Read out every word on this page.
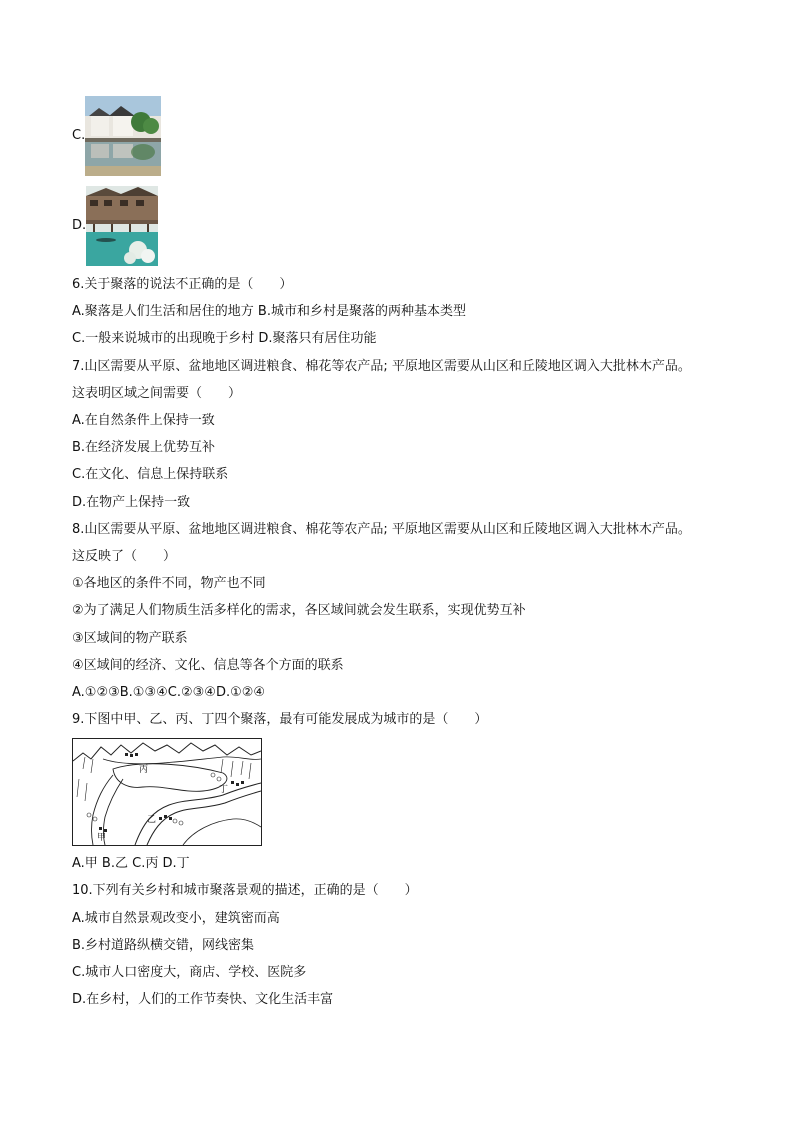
C.
D.
6.关于聚落的说法不正确的是（　　）
A.聚落是人们生活和居住的地方 B.城市和乡村是聚落的两种基本类型
C.一般来说城市的出现晚于乡村 D.聚落只有居住功能
7.山区需要从平原、盆地地区调进粮食、棉花等农产品; 平原地区需要从山区和丘陵地区调入大批林木产品。
这表明区域之间需要（　　）
A.在自然条件上保持一致
B.在经济发展上优势互补
C.在文化、信息上保持联系
D.在物产上保持一致
8.山区需要从平原、盆地地区调进粮食、棉花等农产品; 平原地区需要从山区和丘陵地区调入大批林木产品。
这反映了（　　）
①各地区的条件不同，物产也不同
②为了满足人们物质生活多样化的需求，各区域间就会发生联系，实现优势互补
③区域间的物产联系
④区域间的经济、文化、信息等各个方面的联系
A.①②③B.①③④C.②③④D.①②④
9.下图中甲、乙、丙、丁四个聚落，最有可能发展成为城市的是（　　）
丙
丁
乙
甲
A.甲 B.乙 C.丙 D.丁
10.下列有关乡村和城市聚落景观的描述，正确的是（　　）
A.城市自然景观改变小，建筑密而高
B.乡村道路纵横交错，网线密集
C.城市人口密度大，商店、学校、医院多
D.在乡村，人们的工作节奏快、文化生活丰富
